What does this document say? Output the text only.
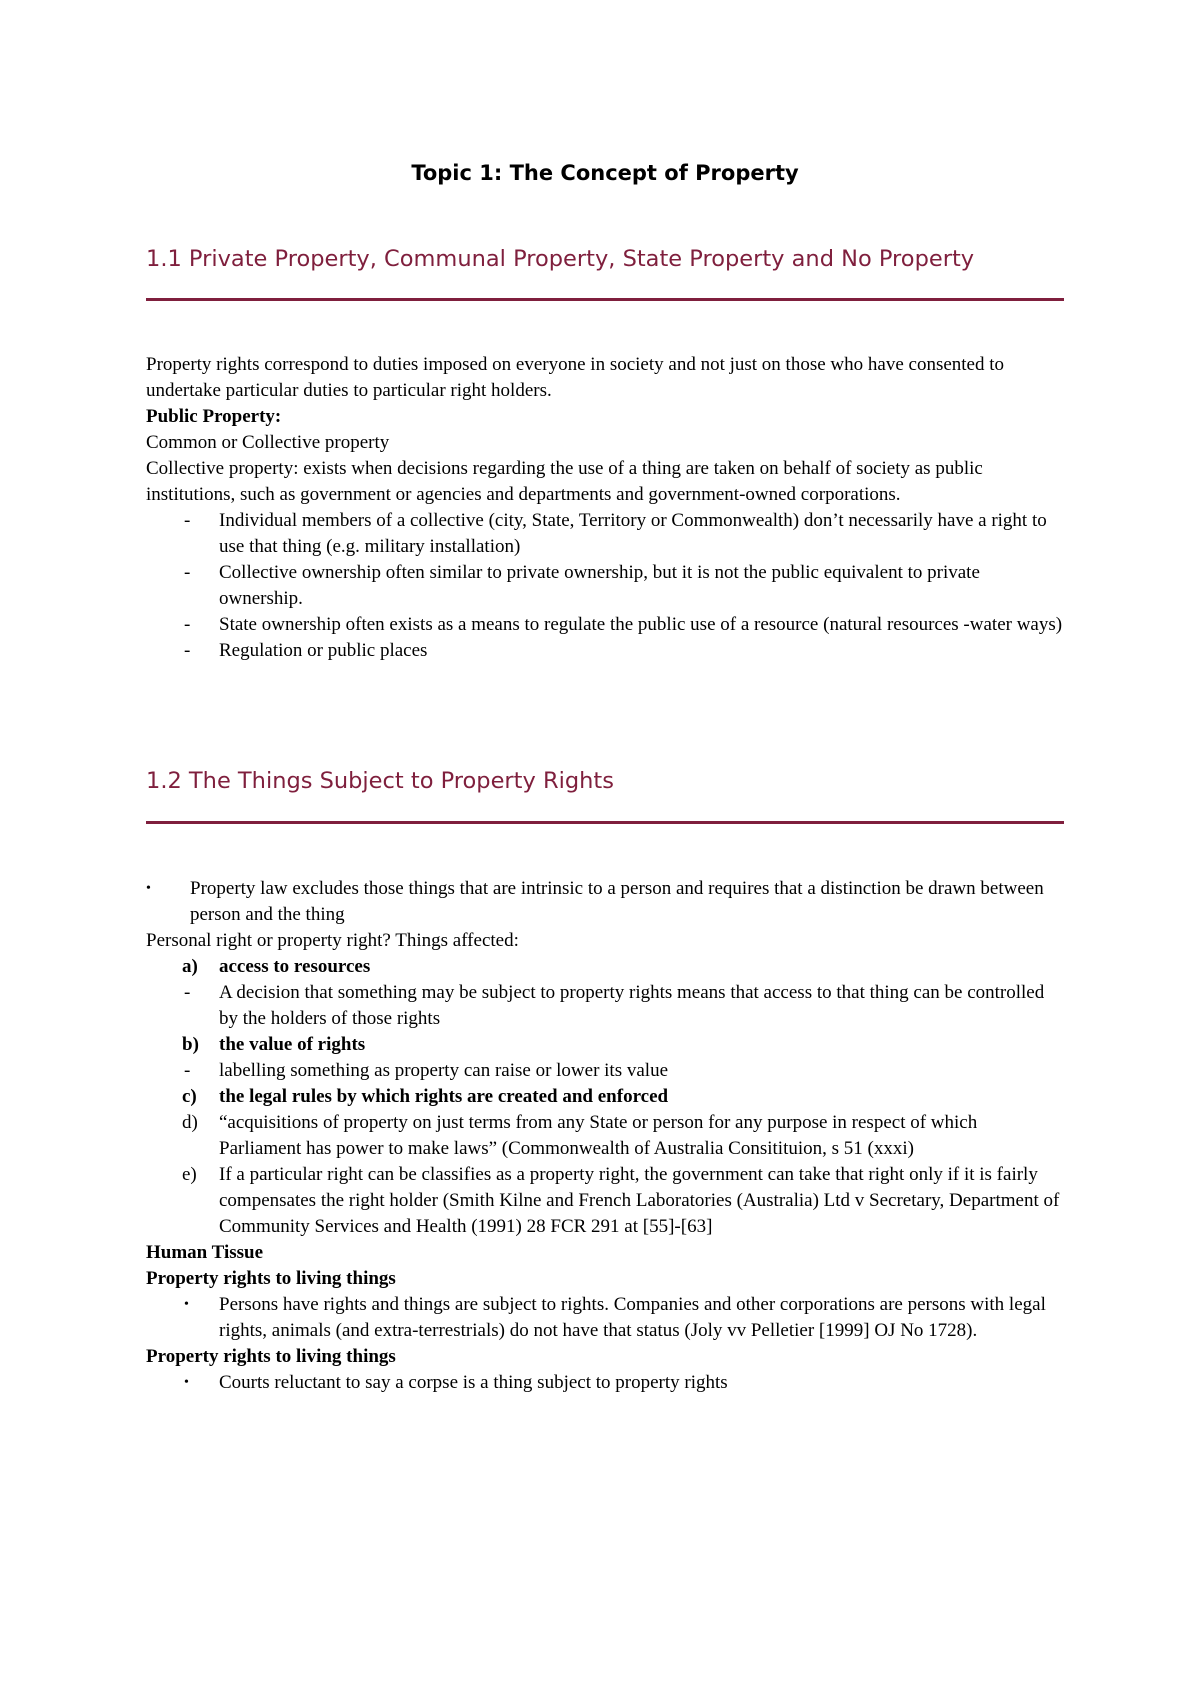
Topic 1: The Concept of Property
1.1 Private Property, Communal Property, State Property and No Property

Property rights correspond to duties imposed on everyone in society and not just on those who have consented to undertake particular duties to particular right holders.

Public Property:

Common or Collective property

Collective property: exists when decisions regarding the use of a thing are taken on behalf of society as public institutions, such as government or agencies and departments and government-owned corporations.

- Individual members of a collective (city, State, Territory or Commonwealth) don’t necessarily have a right to use that thing (e.g. military installation)
- Collective ownership often similar to private ownership, but it is not the public equivalent to private ownership.
- State ownership often exists as a means to regulate the public use of a resource (natural resources -water ways)
- Regulation or public places
1.2 The Things Subject to Property Rights
• Property law excludes those things that are intrinsic to a person and requires that a distinction be drawn between person and the thing

Personal right or property right? Things affected:

a) access to resources
- A decision that something may be subject to property rights means that access to that thing can be controlled by the holders of those rights
b) the value of rights
- labelling something as property can raise or lower its value
c) the legal rules by which rights are created and enforced
d) “acquisitions of property on just terms from any State or person for any purpose in respect of which Parliament has power to make laws” (Commonwealth of Australia Consitituion, s 51 (xxxi)
e) If a particular right can be classifies as a property right, the government can take that right only if it is fairly compensates the right holder (Smith Kilne and French Laboratories (Australia) Ltd v Secretary, Department of Community Services and Health (1991) 28 FCR 291 at [55]-[63]

Human Tissue

Property rights to living things

• Persons have rights and things are subject to rights. Companies and other corporations are persons with legal rights, animals (and extra-terrestrials) do not have that status (Joly vv Pelletier [1999] OJ No 1728).

Property rights to living things

• Courts reluctant to say a corpse is a thing subject to property rights
